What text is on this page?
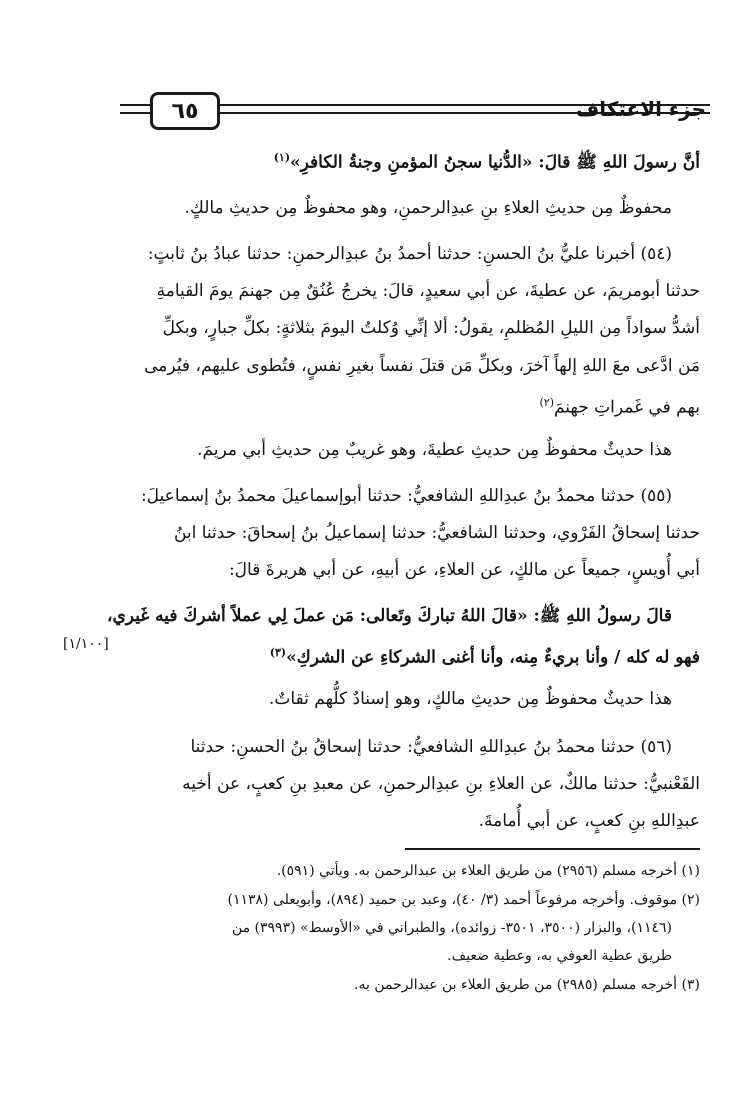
٦٥	جزء الاعتكاف
أنَّ رسولَ اللهِ ﷺ قالَ: «الدُّنيا سجنُ المؤمنِ وجنةُ الكافرِ»$^{(١)}$
محفوظٌ مِن حديثِ العلاءِ بنِ عبدِالرحمنِ، وهو محفوظٌ مِن حديثِ مالكٍ.
(٥٤) أخبرنا عليُّ بنُ الحسنِ: حدثنا أحمدُ بنُ عبدِالرحمنِ: حدثنا عبادُ بنُ ثابتٍ:
حدثنا أبومريمَ، عن عطيةَ، عن أبي سعيدٍ، قالَ: يخرجُ عُنُقٌ مِن جهنمَ يومَ القيامةِ
أشدُّ سواداً مِن الليلِ المُظلمِ، يقولُ: ألا إنِّي وُكلتُ اليومَ بثلاثةٍ: بكلِّ جبارٍ، وبكلِّ
مَن ادَّعى معَ اللهِ إلهاً آخرَ، وبكلِّ مَن قتلَ نفساً بغيرِ نفسٍ، فتُطوى عليهم، فيُرمى
بهم في غَمراتِ جهنمَ$^{(٢)}$
هذا حديثٌ محفوظٌ مِن حديثِ عطيةَ، وهو غريبٌ مِن حديثِ أبي مريمَ.
(٥٥) حدثنا محمدُ بنُ عبدِاللهِ الشافعيُّ: حدثنا أبوإسماعيلَ محمدُ بنُ إسماعيلَ:
حدثنا إسحاقُ الفَرْوي، وحدثنا الشافعيُّ: حدثنا إسماعيلُ بنُ إسحاقَ: حدثنا ابنُ
أبي أُويسٍ، جميعاً عن مالكٍ، عن العلاءِ، عن أبيهِ، عن أبي هريرةَ قالَ:
قالَ رسولُ اللهِ ﷺ: «قالَ اللهُ تباركَ وتَعالى: مَن عملَ لِي عملاً أشركَ فيه غَيري،
فهو له كله / وأنا بريءٌ مِنه، وأنا أغنى الشركاءِ عن الشركِ»$^{(٣)}$
[١/١٠٠]
هذا حديثٌ محفوظٌ مِن حديثِ مالكٍ، وهو إسنادٌ كلُّهم ثقاتٌ.
(٥٦) حدثنا محمدُ بنُ عبدِاللهِ الشافعيُّ: حدثنا إسحاقُ بنُ الحسنِ: حدثنا
القَعْنبيُّ: حدثنا مالكٌ، عن العلاءِ بنِ عبدِالرحمنِ، عن معبدِ بنِ كعبٍ، عن أخيه
عبدِاللهِ بنِ كعبٍ، عن أبي أُمامةَ.
(١) أخرجه مسلم (٢٩٥٦) من طريق العلاء بن عبدالرحمن به. ويأتي (٥٩١).
(٢) موقوف. وأخرجه مرفوعاً أحمد (٣/ ٤٠)، وعبد بن حميد (٨٩٤)، وأبويعلى (١١٣٨)
(١١٤٦)، والبزار (٣٥٠٠، ٣٥٠١- زوائده)، والطبراني في «الأوسط» (٣٩٩٣) من
طريق عطية العوفي به، وعطية ضعيف.
(٣) أخرجه مسلم (٢٩٨٥) من طريق العلاء بن عبدالرحمن به.
